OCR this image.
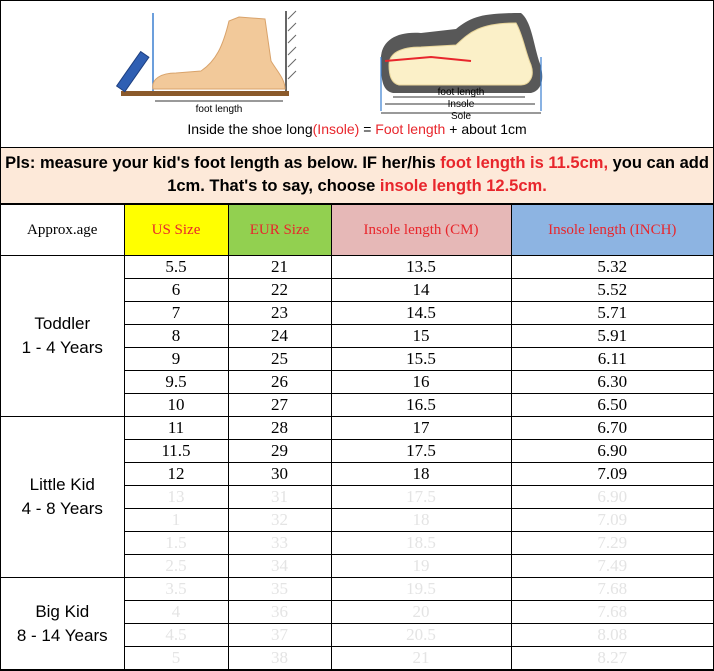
foot length
foot length
Insole
Sole
Inside the shoe long(Insole) = Foot length + about 1cm
Pls: measure your kid's foot length as below. IF her/his foot length is 11.5cm, you can add 1cm. That's to say, choose insole length 12.5cm.
Approx.age	US Size	EUR Size	Insole length (CM)	Insole length (INCH)

Toddler
1 - 4 Years	5.5	21	13.5	5.32
	6	22	14	5.52
	7	23	14.5	5.71
	8	24	15	5.91
	9	25	15.5	6.11
	9.5	26	16	6.30
	10	27	16.5	6.50

Little Kid
4 - 8 Years	11	28	17	6.70
	11.5	29	17.5	6.90
	12	30	18	7.09
	13	31	17.5	6.90
	1	32	18	7.09
	1.5	33	18.5	7.29
	2.5	34	19	7.49

Big Kid
8 - 14 Years	3.5	35	19.5	7.68
	4	36	20	7.68
	4.5	37	20.5	8.08
	5	38	21	8.27
